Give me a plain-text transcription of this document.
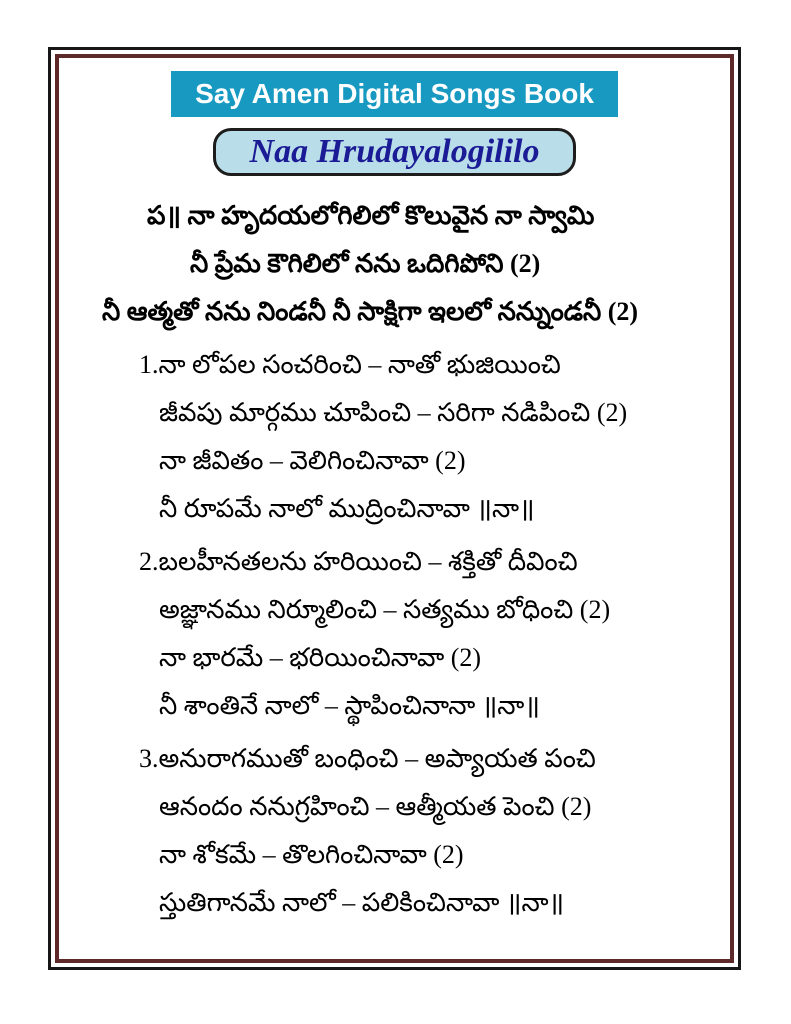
Say Amen Digital Songs Book
Naa Hrudayalogililo
ప॥ నా హృదయలోగిలిలో కొలువైన నా స్వామి
నీ ప్రేమ కౌగిలిలో నను ఒదిగిపోని (2)
నీ ఆత్మతో నను నిండనీ నీ సాక్షిగా ఇలలో నన్నుండనీ (2)
1.నా లోపల సంచరించి – నాతో భుజియించి
జీవపు మార్గము చూపించి – సరిగా నడిపించి (2)
నా జీవితం – వెలిగించినావా (2)
నీ రూపమే నాలో ముద్రించినావా ॥నా॥
2.బలహీనతలను హరియించి – శక్తితో దీవించి
అజ్ఞానము నిర్మూలించి – సత్యము బోధించి (2)
నా భారమే – భరియించినావా (2)
నీ శాంతినే నాలో – స్థాపించినానా ॥నా॥
3.అనురాగముతో బంధించి – అప్యాయత పంచి
ఆనందం ననుగ్రహించి – ఆత్మీయత పెంచి (2)
నా శోకమే – తొలగించినావా (2)
స్తుతిగానమే నాలో – పలికించినావా ॥నా॥
